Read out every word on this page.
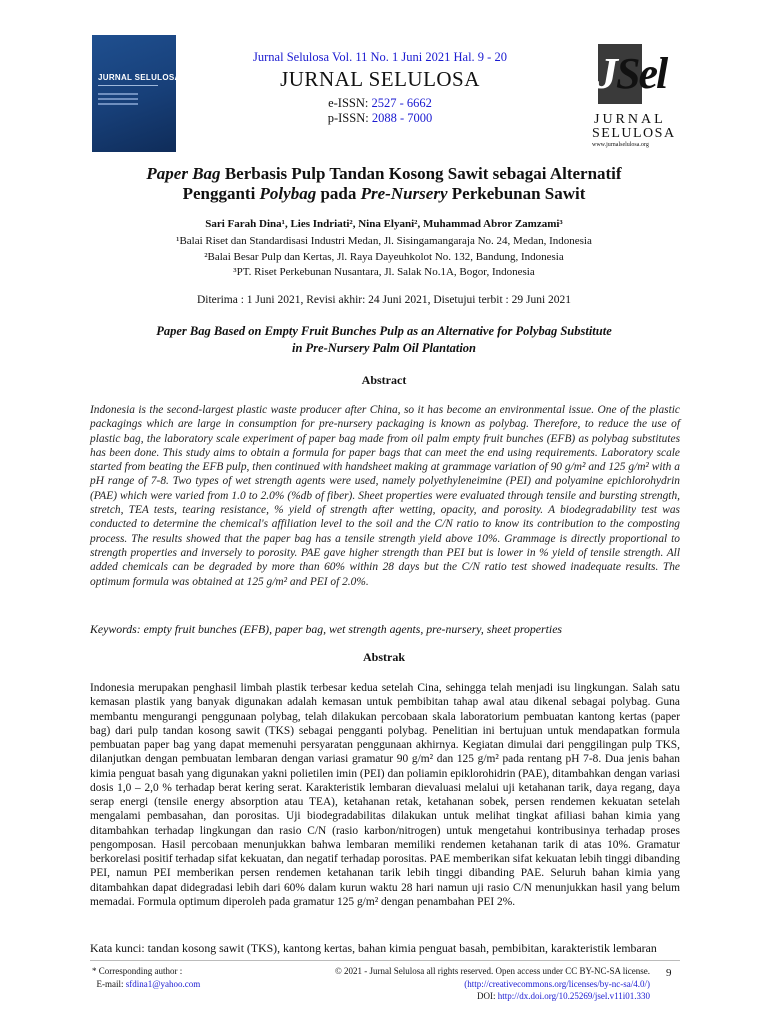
JURNAL SELULOSA
Jurnal Selulosa Vol. 11 No. 1 Juni 2021 Hal. 9 - 20
JURNAL SELULOSA
e-ISSN: 2527 - 6662
p-ISSN: 2088 - 7000
JSel
JURNAL
SELULOSA
www.jurnalselulosa.org
Paper Bag Berbasis Pulp Tandan Kosong Sawit sebagai Alternatif
Pengganti Polybag pada Pre-Nursery Perkebunan Sawit
Sari Farah Dina¹, Lies Indriati², Nina Elyani², Muhammad Abror Zamzami³
¹Balai Riset dan Standardisasi Industri Medan, Jl. Sisingamangaraja No. 24, Medan, Indonesia
²Balai Besar Pulp dan Kertas, Jl. Raya Dayeuhkolot No. 132, Bandung, Indonesia
³PT. Riset Perkebunan Nusantara, Jl. Salak No.1A, Bogor, Indonesia
Diterima : 1 Juni 2021, Revisi akhir: 24 Juni 2021, Disetujui terbit : 29 Juni 2021
Paper Bag Based on Empty Fruit Bunches Pulp as an Alternative for Polybag Substitute
in Pre-Nursery Palm Oil Plantation
Abstract
Indonesia is the second-largest plastic waste producer after China, so it has become an environmental issue. One of the plastic packagings which are large in consumption for pre-nursery packaging is known as polybag. Therefore, to reduce the use of plastic bag, the laboratory scale experiment of paper bag made from oil palm empty fruit bunches (EFB) as polybag substitutes has been done. This study aims to obtain a formula for paper bags that can meet the end using requirements. Laboratory scale started from beating the EFB pulp, then continued with handsheet making at grammage variation of 90 g/m² and 125 g/m² with a pH range of 7-8. Two types of wet strength agents were used, namely polyethyleneimine (PEI) and polyamine epichlorohydrin (PAE) which were varied from 1.0 to 2.0% (%db of fiber). Sheet properties were evaluated through tensile and bursting strength, stretch, TEA tests, tearing resistance, % yield of strength after wetting, opacity, and porosity. A biodegradability test was conducted to determine the chemical's affiliation level to the soil and the C/N ratio to know its contribution to the composting process. The results showed that the paper bag has a tensile strength yield above 10%. Grammage is directly proportional to strength properties and inversely to porosity. PAE gave higher strength than PEI but is lower in % yield of tensile strength. All added chemicals can be degraded by more than 60% within 28 days but the C/N ratio test showed inadequate results. The optimum formula was obtained at 125 g/m² and PEI of 2.0%.
Keywords: empty fruit bunches (EFB), paper bag, wet strength agents, pre-nursery, sheet properties
Abstrak
Indonesia merupakan penghasil limbah plastik terbesar kedua setelah Cina, sehingga telah menjadi isu lingkungan. Salah satu kemasan plastik yang banyak digunakan adalah kemasan untuk pembibitan tahap awal atau dikenal sebagai polybag. Guna membantu mengurangi penggunaan polybag, telah dilakukan percobaan skala laboratorium pembuatan kantong kertas (paper bag) dari pulp tandan kosong sawit (TKS) sebagai pengganti polybag. Penelitian ini bertujuan untuk mendapatkan formula pembuatan paper bag yang dapat memenuhi persyaratan penggunaan akhirnya. Kegiatan dimulai dari penggilingan pulp TKS, dilanjutkan dengan pembuatan lembaran dengan variasi gramatur 90 g/m² dan 125 g/m² pada rentang pH 7-8. Dua jenis bahan kimia penguat basah yang digunakan yakni polietilen imin (PEI) dan poliamin epiklorohidrin (PAE), ditambahkan dengan variasi dosis 1,0 – 2,0 % terhadap berat kering serat. Karakteristik lembaran dievaluasi melalui uji ketahanan tarik, daya regang, daya serap energi (tensile energy absorption atau TEA), ketahanan retak, ketahanan sobek, persen rendemen kekuatan setelah mengalami pembasahan, dan porositas. Uji biodegradabilitas dilakukan untuk melihat tingkat afiliasi bahan kimia yang ditambahkan terhadap lingkungan dan rasio C/N (rasio karbon/nitrogen) untuk mengetahui kontribusinya terhadap proses pengomposan. Hasil percobaan menunjukkan bahwa lembaran memiliki rendemen ketahanan tarik di atas 10%. Gramatur berkorelasi positif terhadap sifat kekuatan, dan negatif terhadap porositas. PAE memberikan sifat kekuatan lebih tinggi dibanding PEI, namun PEI memberikan persen rendemen ketahanan tarik lebih tinggi dibanding PAE. Seluruh bahan kimia yang ditambahkan dapat didegradasi lebih dari 60% dalam kurun waktu 28 hari namun uji rasio C/N menunjukkan hasil yang belum memadai. Formula optimum diperoleh pada gramatur 125 g/m² dengan penambahan PEI 2%.
Kata kunci: tandan kosong sawit (TKS), kantong kertas, bahan kimia penguat basah, pembibitan, karakteristik lembaran
* Corresponding author :
E-mail: sfdina1@yahoo.com
© 2021 - Jurnal Selulosa all rights reserved. Open access under CC BY-NC-SA license.
(http://creativecommons.org/licenses/by-nc-sa/4.0/)
DOI: http://dx.doi.org/10.25269/jsel.v11i01.330
9
